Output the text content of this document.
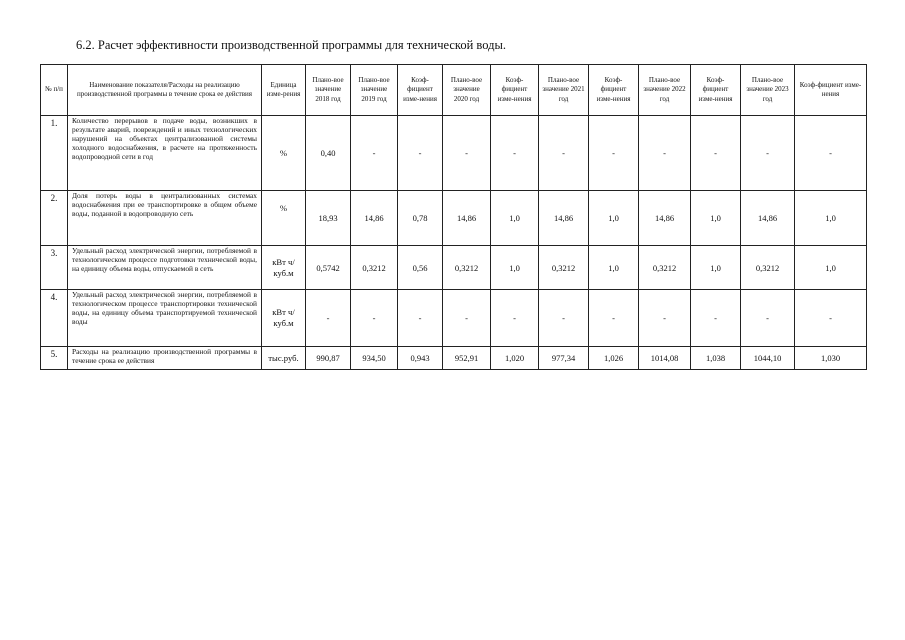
6.2. Расчет эффективности производственной программы для технической воды.
№ п/п	Наименование показателя/Расходы на реализацию производственной программы в течение срока ее действия	Единица изме-рения	Плано-вое значение 2018 год	Плано-вое значение 2019 год	Коэф-фициент изме-нения	Плано-вое значение 2020 год	Коэф-фициент изме-нения	Плано-вое значение 2021 год	Коэф-фициент изме-нения	Плано-вое значение 2022 год	Коэф-фициент изме-нения	Плано-вое значение 2023 год	Коэф-фициент изме-нения
1.	Количество перерывов в подаче воды, возникших в результате аварий, повреждений и иных технологических нарушений на объектах централизованной системы холодного водоснабжения, в расчете на протяженность водопроводной сети в год	%	0,40	-	-	-	-	-	-	-	-	-	-
2.	Доля потерь воды в централизованных системах водоснабжения при ее транспортировке в общем объеме воды, поданной в водопроводную сеть	%	18,93	14,86	0,78	14,86	1,0	14,86	1,0	14,86	1,0	14,86	1,0
3.	Удельный расход электрической энергии, потребляемой в технологическом процессе подготовки технической воды, на единицу объема воды, отпускаемой в сеть	кВт ч/куб.м	0,5742	0,3212	0,56	0,3212	1,0	0,3212	1,0	0,3212	1,0	0,3212	1,0
4.	Удельный расход электрической энергии, потребляемой в технологическом процессе транспортировки технической воды, на единицу объема транспортируемой технической воды	кВт ч/куб.м	-	-	-	-	-	-	-	-	-	-	-
5.	Расходы на реализацию производственной программы в течение срока ее действия	тыс.руб.	990,87	934,50	0,943	952,91	1,020	977,34	1,026	1014,08	1,038	1044,10	1,030
